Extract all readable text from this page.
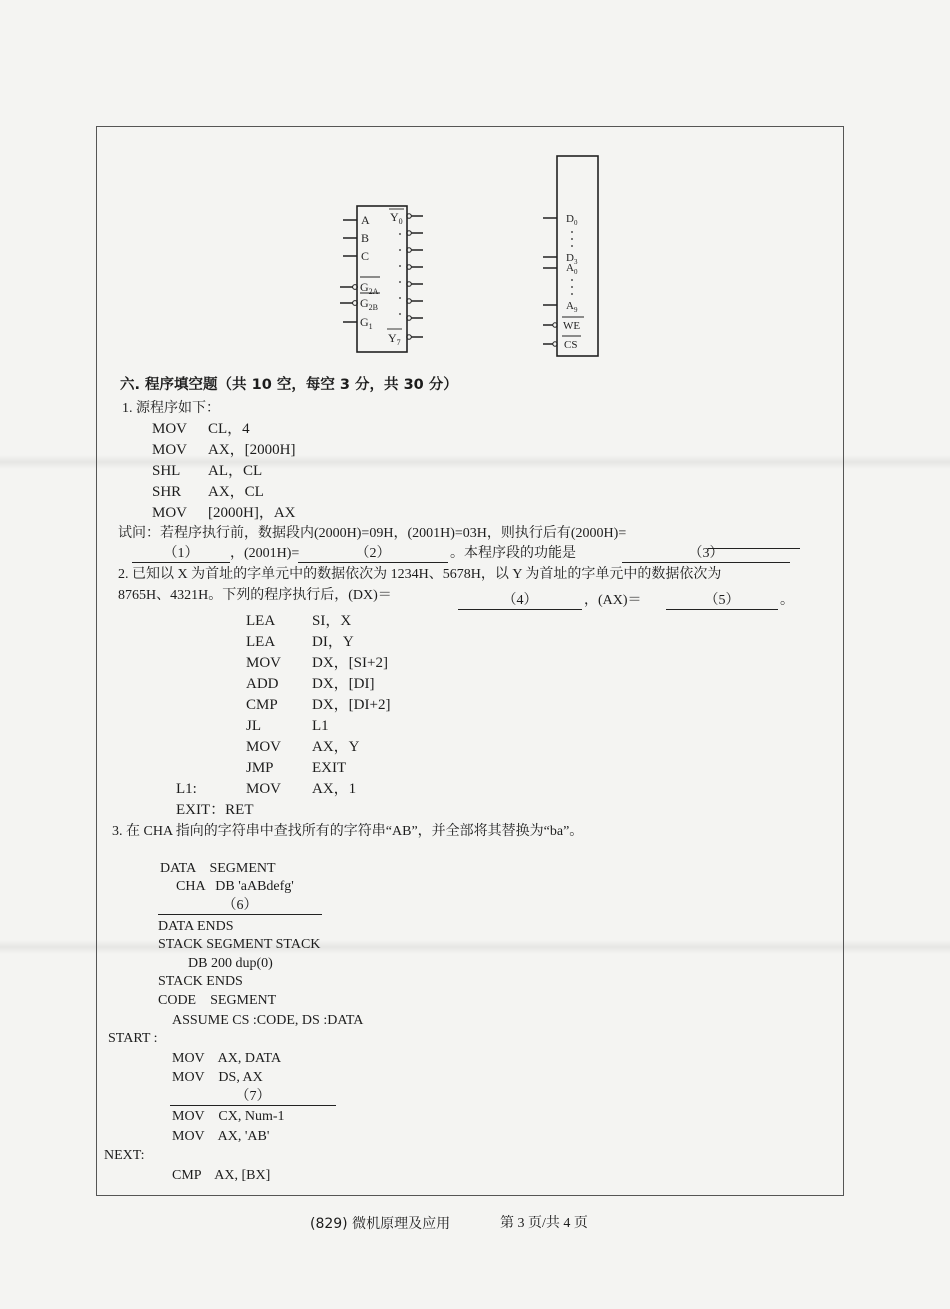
A
B
C
$G_{2A}$
$G_{2B}$
$G_1$
$Y_0$
$Y_7$
$D_0$
$D_3$
$A_0$
$A_9$
WE
CS
六. 程序填空题（共 10 空，每空 3 分，共 30 分）
1. 源程序如下：
MOV CL，4
MOV AX，[2000H]
SHL AL，CL
SHR AX，CL
MOV [2000H]，AX
试问：若程序执行前，数据段内(2000H)=09H，(2001H)=03H，则执行后有(2000H)=
（1）	，(2001H)=	（2）	。本程序段的功能是	（3）
2. 已知以 X 为首址的字单元中的数据依次为 1234H、5678H，以 Y 为首址的字单元中的数据依次为
8765H、4321H。下列的程序执行后，(DX)＝	（4）	，(AX)＝	（5）	。
LEA SI，X
LEA DI，Y
MOV DX，[SI+2]
ADD DX，[DI]
CMP DX，[DI+2]
JL	L1
MOV AX，Y
JMP	EXIT
L1:	MOV AX，1
EXIT：RET
3. 在 CHA 指向的字符串中查找所有的字符串“AB”，并全部将其替换为“ba”。
DATA    SEGMENT
CHA   DB 'aABdefg'
（6）
DATA ENDS
STACK SEGMENT STACK
DB 200 dup(0)
STACK ENDS
CODE    SEGMENT
ASSUME CS :CODE, DS :DATA
START :
MOV    AX, DATA
MOV    DS, AX
（7）
MOV    CX, Num-1
MOV    AX, 'AB'
NEXT:
CMP    AX, [BX]
(829) 微机原理及应用	第 3 页/共 4 页
